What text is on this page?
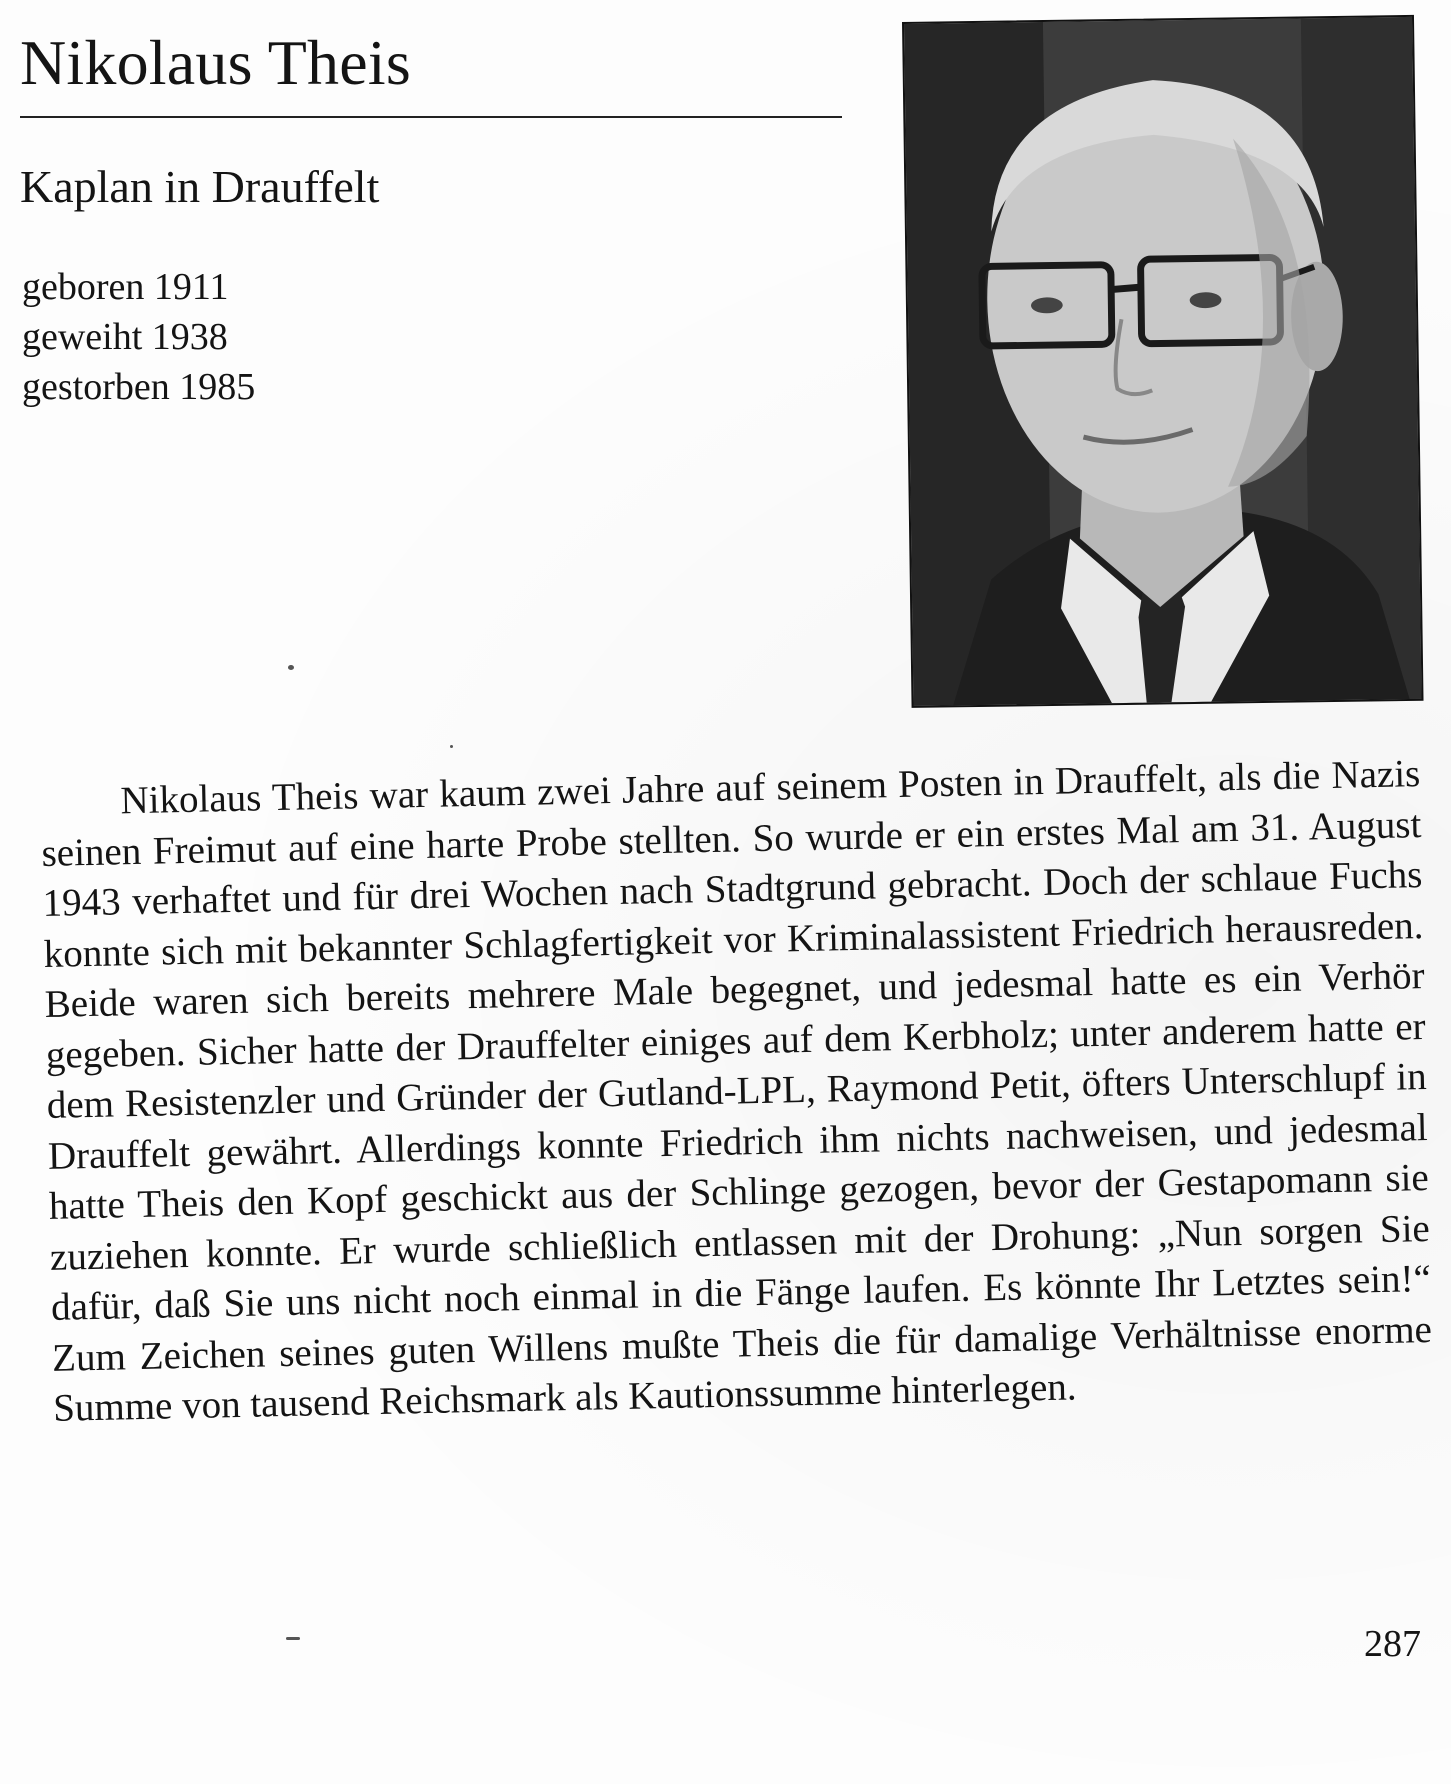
Nikolaus Theis
Kaplan in Drauffelt
geboren 1911
geweiht 1938
gestorben 1985

Nikolaus Theis war kaum zwei Jahre auf seinem Posten in Drauffelt, als die Nazis seinen Freimut auf eine harte Probe stellten. So wurde er ein erstes Mal am 31. August 1943 verhaftet und für drei Wochen nach Stadtgrund gebracht. Doch der schlaue Fuchs konnte sich mit bekannter Schlagfertigkeit vor Kriminalassistent Friedrich herausreden. Beide waren sich bereits mehrere Male begegnet, und jedesmal hatte es ein Verhör gegeben. Sicher hatte der Drauffelter einiges auf dem Kerbholz; unter anderem hatte er dem Resistenzler und Gründer der Gutland-LPL, Raymond Petit, öfters Unterschlupf in Drauffelt gewährt. Allerdings konnte Friedrich ihm nichts nachweisen, und jedesmal hatte Theis den Kopf geschickt aus der Schlinge gezogen, bevor der Gestapomann sie zuziehen konnte. Er wurde schließlich entlassen mit der Drohung: „Nun sorgen Sie dafür, daß Sie uns nicht noch einmal in die Fänge laufen. Es könnte Ihr Letztes sein!“ Zum Zeichen seines guten Willens mußte Theis die für damalige Verhältnisse enorme Summe von tausend Reichsmark als Kautionssumme hinterlegen.

287
